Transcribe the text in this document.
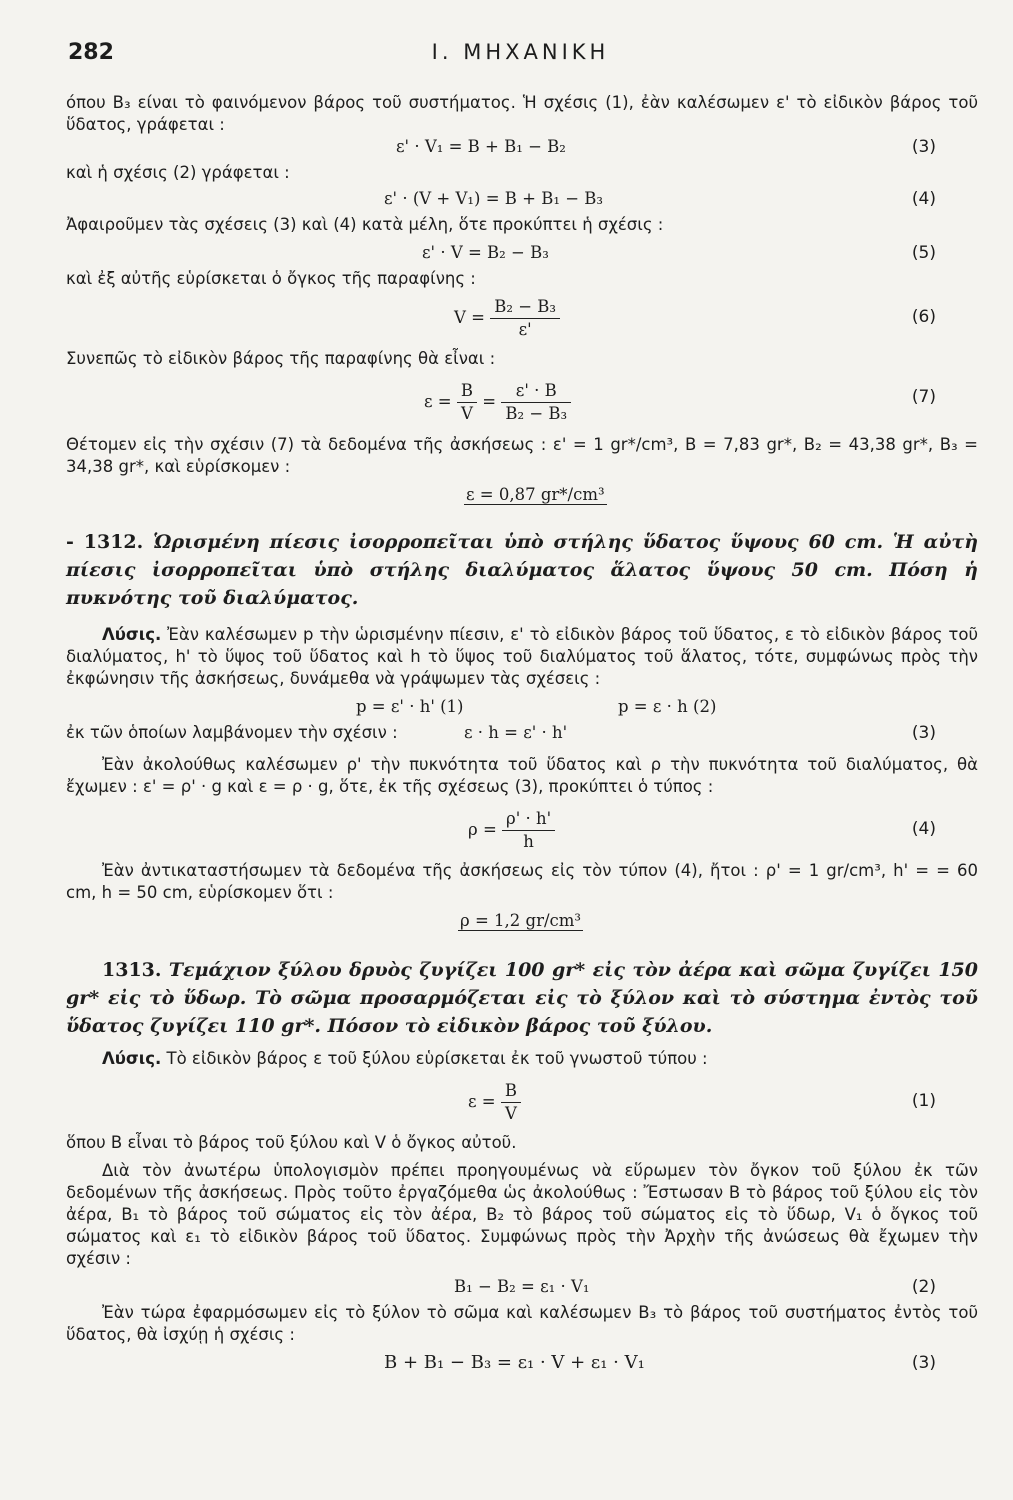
282	I. ΜΗΧΑΝΙΚΗ

όπου B₃ είναι τὸ φαινόμενον βάρος τοῦ συστήματος. Ἡ σχέσις (1), ἐὰν καλέσωμεν ε' τὸ εἰδικὸν βάρος τοῦ ὕδατος, γράφεται :

ε' · V₁ = B + B₁ − B₂	(3)

καὶ ἡ σχέσις (2) γράφεται :

ε' · (V + V₁) = B + B₁ − B₃	(4)

Ἀφαιροῦμεν τὰς σχέσεις (3) καὶ (4) κατὰ μέλη, ὅτε προκύπτει ἡ σχέσις :

ε' · V = B₂ − B₃	(5)

καὶ ἐξ αὐτῆς εὑρίσκεται ὁ ὄγκος τῆς παραφίνης :

$V = \frac{\text{B₂ − B₃}}{\varepsilon'}$	(6)

Συνεπῶς τὸ εἰδικὸν βάρος τῆς παραφίνης θὰ εἶναι :

$\varepsilon = \frac{B}{V} = \frac{\varepsilon' \cdot B}{\text{B₂ − B₃}}$	(7)

Θέτομεν εἰς τὴν σχέσιν (7) τὰ δεδομένα τῆς ἀσκήσεως : ε' = 1 gr*/cm³, B = 7,83 gr*, B₂ = 43,38 gr*, B₃ = 34,38 gr*, καὶ εὑρίσκομεν :

ε = 0,87 gr*/cm³

- 1312. Ὡρισμένη πίεσις ἰσορροπεῖται ὑπὸ στήλης ὕδατος ὕψους 60 cm. Ἡ αὐτὴ πίεσις ἰσορροπεῖται ὑπὸ στήλης διαλύματος ἅλατος ὕψους 50 cm. Πόση ἡ πυκνότης τοῦ διαλύματος.

Λύσις. Ἐὰν καλέσωμεν p τὴν ὡρισμένην πίεσιν, ε' τὸ εἰδικὸν βάρος τοῦ ὕδατος, ε τὸ εἰδικὸν βάρος τοῦ διαλύματος, h' τὸ ὕψος τοῦ ὕδατος καὶ h τὸ ὕψος τοῦ διαλύματος τοῦ ἅλατος, τότε, συμφώνως πρὸς τὴν ἐκφώνησιν τῆς ἀσκήσεως, δυνάμεθα νὰ γράψωμεν τὰς σχέσεις :

p = ε' · h' (1)	p = ε · h (2)
ἐκ τῶν ὁποίων λαμβάνομεν τὴν σχέσιν :	ε · h = ε' · h'	(3)

Ἐὰν ἀκολούθως καλέσωμεν ρ' τὴν πυκνότητα τοῦ ὕδατος καὶ ρ τὴν πυκνότητα τοῦ διαλύματος, θὰ ἔχωμεν : ε' = ρ' · g καὶ ε = ρ · g, ὅτε, ἐκ τῆς σχέσεως (3), προκύπτει ὁ τύπος :

$\rho = \frac{\rho' \cdot h'}{h}$	(4)

Ἐὰν ἀντικαταστήσωμεν τὰ δεδομένα τῆς ἀσκήσεως εἰς τὸν τύπον (4), ἤτοι : ρ' = 1 gr/cm³, h' = = 60 cm, h = 50 cm, εὑρίσκομεν ὅτι :

ρ = 1,2 gr/cm³

1313. Τεμάχιον ξύλου δρυὸς ζυγίζει 100 gr* εἰς τὸν ἀέρα καὶ σῶμα ζυγίζει 150 gr* εἰς τὸ ὕδωρ. Τὸ σῶμα προσαρμόζεται εἰς τὸ ξύλον καὶ τὸ σύστημα ἐντὸς τοῦ ὕδατος ζυγίζει 110 gr*. Πόσον τὸ εἰδικὸν βάρος τοῦ ξύλου.

Λύσις. Τὸ εἰδικὸν βάρος ε τοῦ ξύλου εὑρίσκεται ἐκ τοῦ γνωστοῦ τύπου :

$\varepsilon = \frac{B}{V}$	(1)

ὅπου B εἶναι τὸ βάρος τοῦ ξύλου καὶ V ὁ ὄγκος αὐτοῦ.

Διὰ τὸν ἀνωτέρω ὑπολογισμὸν πρέπει προηγουμένως νὰ εὕρωμεν τὸν ὄγκον τοῦ ξύλου ἐκ τῶν δεδομένων τῆς ἀσκήσεως. Πρὸς τοῦτο ἐργαζόμεθα ὡς ἀκολούθως : Ἔστωσαν B τὸ βάρος τοῦ ξύλου εἰς τὸν ἀέρα, B₁ τὸ βάρος τοῦ σώματος εἰς τὸν ἀέρα, B₂ τὸ βάρος τοῦ σώματος εἰς τὸ ὕδωρ, V₁ ὁ ὄγκος τοῦ σώματος καὶ ε₁ τὸ εἰδικὸν βάρος τοῦ ὕδατος. Συμφώνως πρὸς τὴν Ἀρχὴν τῆς ἀνώσεως θὰ ἔχωμεν τὴν σχέσιν :

B₁ − B₂ = ε₁ · V₁	(2)

Ἐὰν τώρα ἐφαρμόσωμεν εἰς τὸ ξύλον τὸ σῶμα καὶ καλέσωμεν B₃ τὸ βάρος τοῦ συστήματος ἐντὸς τοῦ ὕδατος, θὰ ἰσχύῃ ἡ σχέσις :

B + B₁ − B₃ = ε₁ · V + ε₁ · V₁	(3)
